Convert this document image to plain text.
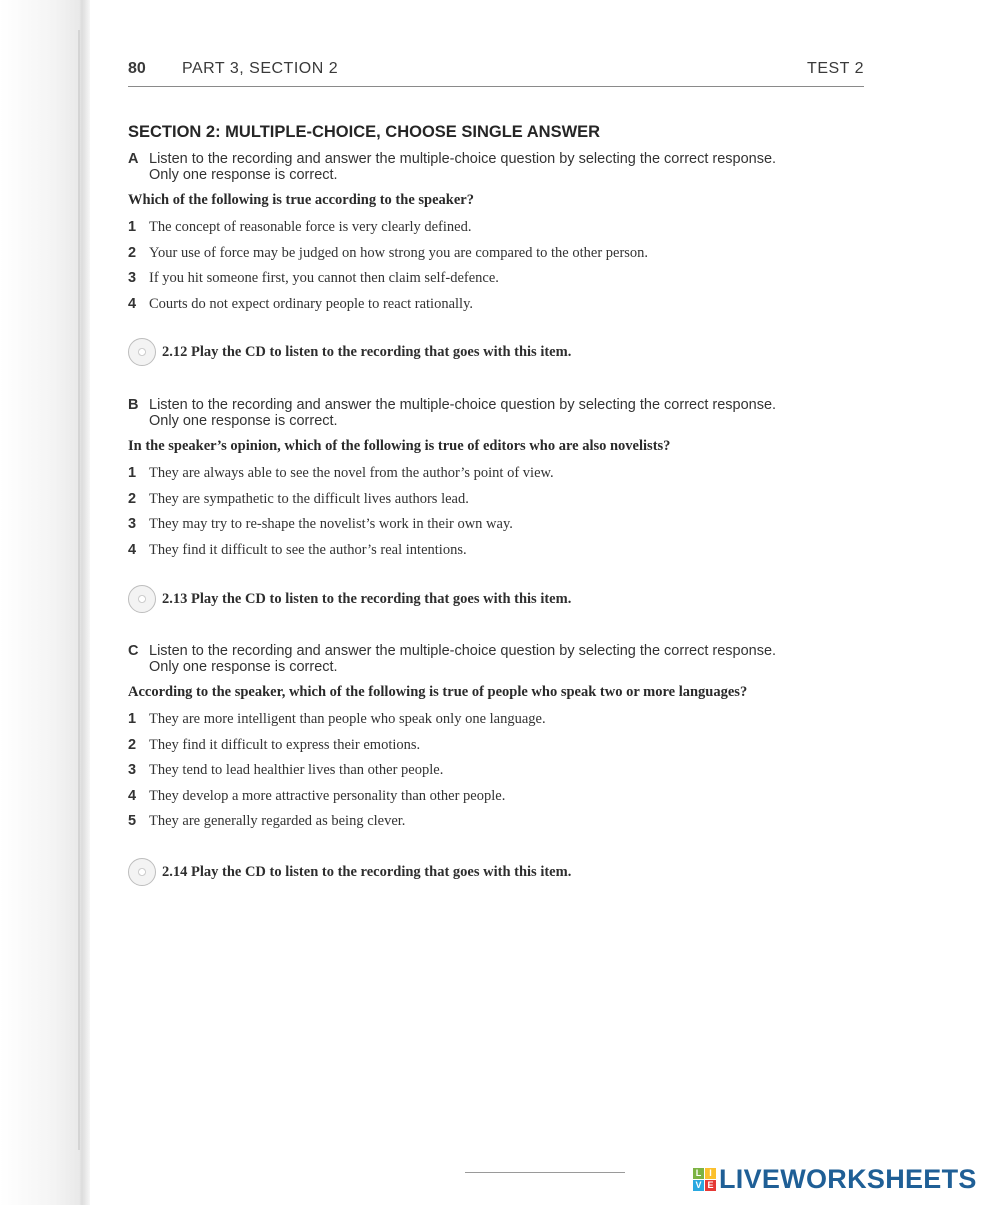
80 PART 3, SECTION 2	TEST 2
SECTION 2: MULTIPLE-CHOICE, CHOOSE SINGLE ANSWER
A Listen to the recording and answer the multiple-choice question by selecting the correct response.
Only one response is correct.
Which of the following is true according to the speaker?
1 The concept of reasonable force is very clearly defined.
2 Your use of force may be judged on how strong you are compared to the other person.
3 If you hit someone first, you cannot then claim self-defence.
4 Courts do not expect ordinary people to react rationally.
2.12 Play the CD to listen to the recording that goes with this item.
B Listen to the recording and answer the multiple-choice question by selecting the correct response.
Only one response is correct.
In the speaker’s opinion, which of the following is true of editors who are also novelists?
1 They are always able to see the novel from the author’s point of view.
2 They are sympathetic to the difficult lives authors lead.
3 They may try to re-shape the novelist’s work in their own way.
4 They find it difficult to see the author’s real intentions.
2.13 Play the CD to listen to the recording that goes with this item.
C Listen to the recording and answer the multiple-choice question by selecting the correct response.
Only one response is correct.
According to the speaker, which of the following is true of people who speak two or more languages?
1 They are more intelligent than people who speak only one language.
2 They find it difficult to express their emotions.
3 They tend to lead healthier lives than other people.
4 They develop a more attractive personality than other people.
5 They are generally regarded as being clever.
2.14 Play the CD to listen to the recording that goes with this item.
L I
V E LIVEWORKSHEETS
